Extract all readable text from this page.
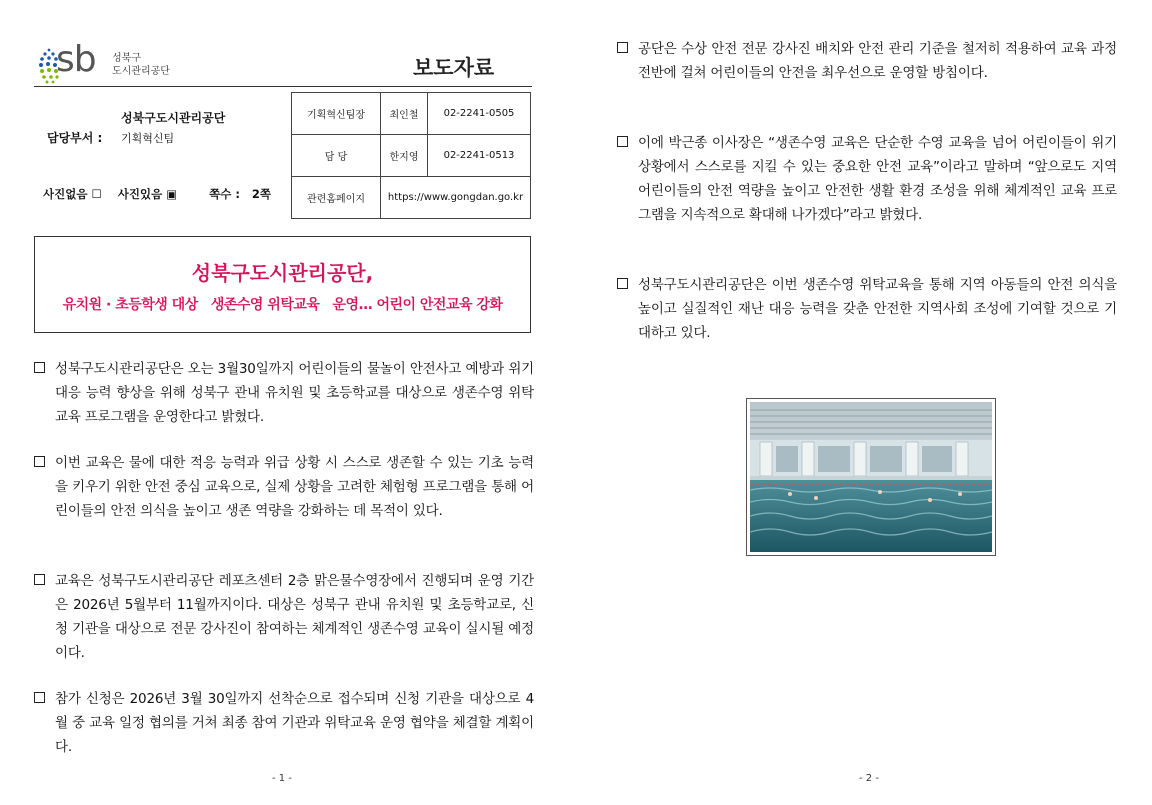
sb 성북구
도시관리공단	보도자료
담당부서 :
성북구도시관리공단
기획혁신팀
사진없음 ☐    사진있음 ▣        쪽수 :   2쪽
기획혁신팀장	최인철	02-2241-0505
담 당	한지영	02-2241-0513
관련홈페이지	https://www.gongdan.go.kr	
성북구도시관리공단,
유치원 · 초등학생 대상   생존수영 위탁교육   운영… 어린이 안전교육 강화
성북구도시관리공단은 오는 3월30일까지 어린이들의 물놀이 안전사고 예방과 위기 대응 능력 향상을 위해 성북구 관내 유치원 및 초등학교를 대상으로 생존수영 위탁교육 프로그램을 운영한다고 밝혔다.
이번 교육은 물에 대한 적응 능력과 위급 상황 시 스스로 생존할 수 있는 기초 능력을 키우기 위한 안전 중심 교육으로, 실제 상황을 고려한 체험형 프로그램을 통해 어린이들의 안전 의식을 높이고 생존 역량을 강화하는 데 목적이 있다.
교육은 성북구도시관리공단 레포츠센터 2층 맑은물수영장에서 진행되며 운영 기간은 2026년 5월부터 11월까지이다. 대상은 성북구 관내 유치원 및 초등학교로, 신청 기관을 대상으로 전문 강사진이 참여하는 체계적인 생존수영 교육이 실시될 예정이다.
참가 신청은 2026년 3월 30일까지 선착순으로 접수되며 신청 기관을 대상으로 4월 중 교육 일정 협의를 거쳐 최종 참여 기관과 위탁교육 운영 협약을 체결할 계획이다.
- 1 -
공단은 수상 안전 전문 강사진 배치와 안전 관리 기준을 철저히 적용하여 교육 과정 전반에 걸쳐 어린이들의 안전을 최우선으로 운영할 방침이다.
이에 박근종 이사장은 “생존수영 교육은 단순한 수영 교육을 넘어 어린이들이 위기 상황에서 스스로를 지킬 수 있는 중요한 안전 교육”이라고 말하며 “앞으로도 지역 어린이들의 안전 역량을 높이고 안전한 생활 환경 조성을 위해 체계적인 교육 프로그램을 지속적으로 확대해 나가겠다”라고 밝혔다.
성북구도시관리공단은 이번 생존수영 위탁교육을 통해 지역 아동들의 안전 의식을 높이고 실질적인 재난 대응 능력을 갖춘 안전한 지역사회 조성에 기여할 것으로 기대하고 있다.
- 2 -
